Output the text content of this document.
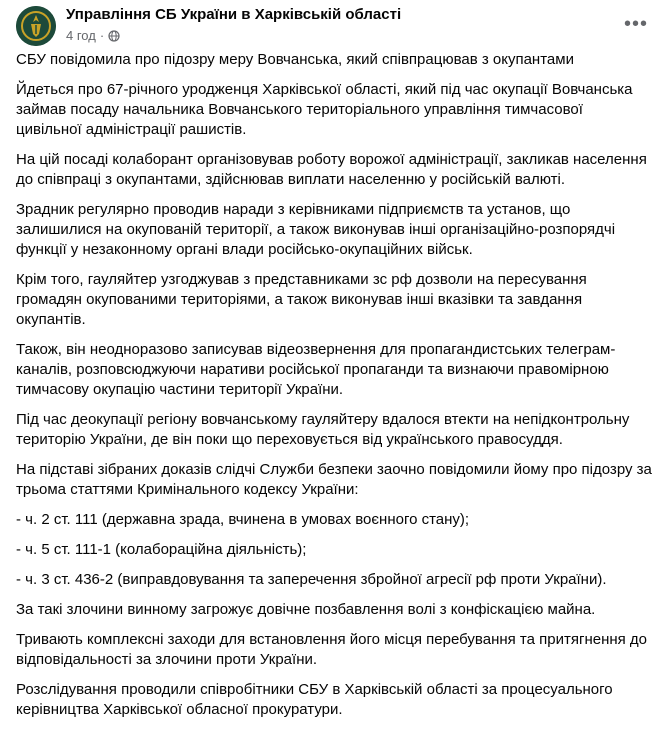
Управління СБ України в Харківській області
4 год ·
•••

СБУ повідомила про підозру меру Вовчанська, який співпрацював з окупантами

Йдеться про 67-річного уродженця Харківської області, який під час окупації Вовчанська займав посаду начальника Вовчанського територіального управління тимчасової цивільної адміністрації рашистів.

На цій посаді колаборант організовував роботу ворожої адміністрації, закликав населення до співпраці з окупантами, здійснював виплати населенню у російській валюті.

Зрадник регулярно проводив наради з керівниками підприємств та установ, що залишилися на окупованій території, а також виконував інші організаційно-розпорядчі функції у незаконному органі влади російсько-окупаційних військ.

Крім того, гауляйтер узгоджував з представниками зс рф дозволи на пересування громадян окупованими територіями, а також виконував інші вказівки та завдання окупантів.

Також, він неодноразово записував відеозвернення для пропагандистських телеграм-каналів, розповсюджуючи наративи російської пропаганди та визнаючи правомірною тимчасову окупацію частини території України.

Під час деокупації регіону вовчанському гауляйтеру вдалося втекти на непідконтрольну територію України, де він поки що переховується від українського правосуддя.

На підставі зібраних доказів слідчі Служби безпеки заочно повідомили йому про підозру за трьома статтями Кримінального кодексу України:

- ч. 2 ст. 111 (державна зрада, вчинена в умовах воєнного стану);

- ч. 5 ст. 111-1 (колабораційна діяльність);

- ч. 3 ст. 436-2 (виправдовування та заперечення збройної агресії рф проти України).

За такі злочини винному загрожує довічне позбавлення волі з конфіскацією майна.

Тривають комплексні заходи для встановлення його місця перебування та притягнення до відповідальності за злочини проти України.

Розслідування проводили співробітники СБУ в Харківській області за процесуального керівництва Харківської обласної прокуратури.
